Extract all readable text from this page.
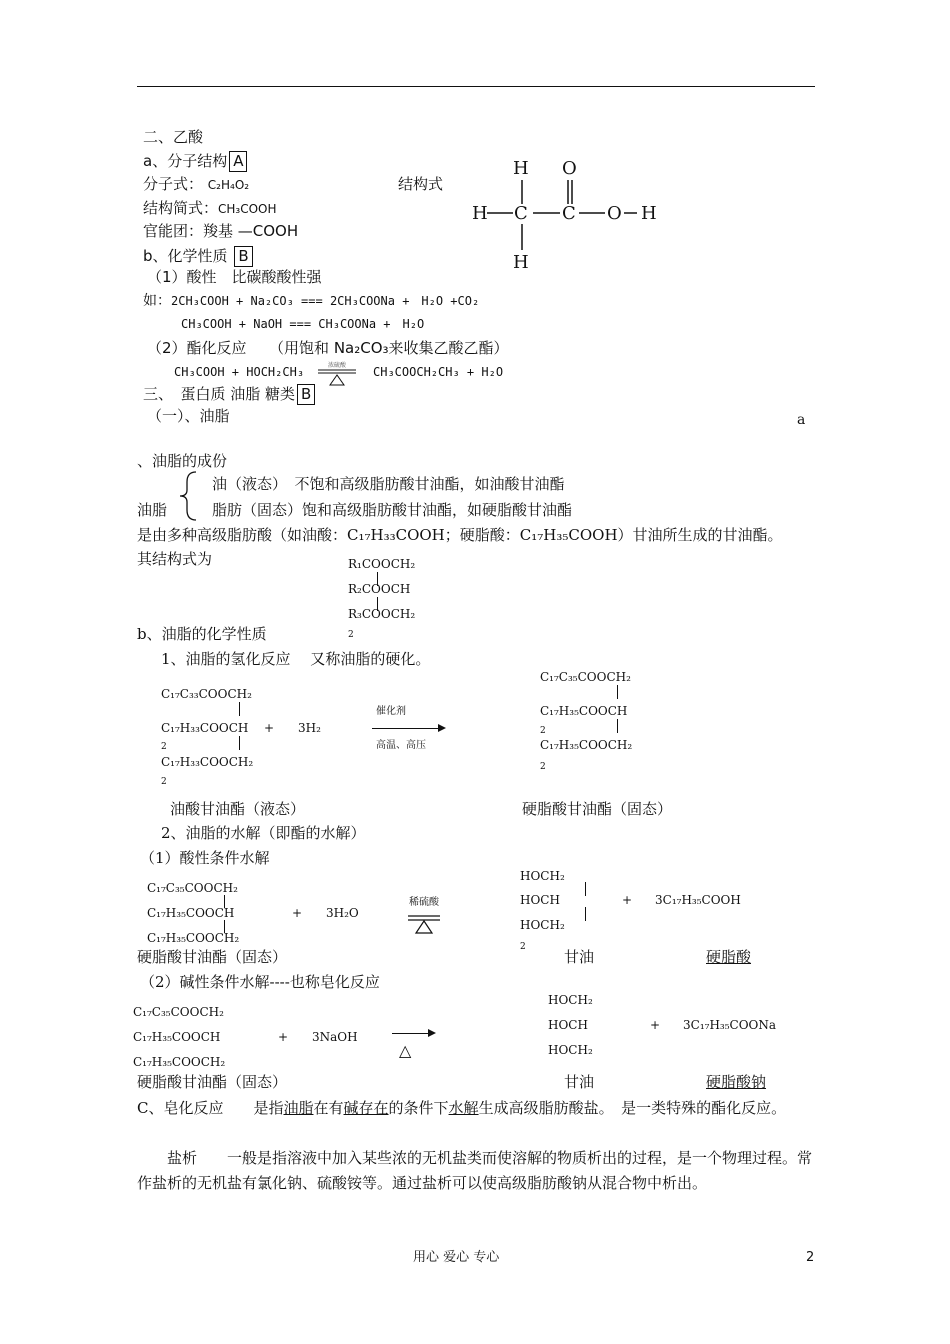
二、乙酸
a、分子结构 A
分子式： C₂H₄O₂	结构式
结构简式：CH₃COOH
官能团：羧基 —COOH
b、化学性质 B
（1）酸性　比碳酸酸性强
如：2CH₃COOH + Na₂CO₃ === 2CH₃COONa +　H₂O +CO₂
CH₃COOH + NaOH === CH₃COONa +　H₂O
（2）酯化反应　　（用饱和 Na₂CO₃来收集乙酸乙酯）
CH₃COOH + HOCH₂CH₃	浓硫酸 CH₃COOCH₂CH₃ + H₂O
H O
H C C O H
H
三、　蛋白质 油脂 糖类 B
（一）、油脂	a
、油脂的成份
油脂
油（液态）　不饱和高级脂肪酸甘油酯，如油酸甘油酯
脂肪（固态）饱和高级脂肪酸甘油酯，如硬脂酸甘油酯
是由多种高级脂肪酸（如油酸：C₁₇H₃₃COOH；硬脂酸：C₁₇H₃₅COOH）甘油所生成的甘油酯。
其结构式为	R₁COOCH₂
R₂COOCH
R₃COOCH₂
2
b、油脂的化学性质
1、油脂的氢化反应　 又称油脂的硬化。
C₁₇C₃₃COOCH₂
C₁₇H₃₃COOCH
2
C₁₇H₃₃COOCH₂
2
+ 3H₂
催化剂
高温、高压
C₁₇C₃₅COOCH₂
C₁₇H₃₅COOCH
2
C₁₇H₃₅COOCH₂
2
油酸甘油酯（液态）	硬脂酸甘油酯（固态）
2、油脂的水解（即酯的水解）
（1）酸性条件水解
C₁₇C₃₅COOCH₂
C₁₇H₃₅COOCH
C₁₇H₃₅COOCH₂
+ 3H₂O
稀硫酸
HOCH₂
HOCH
HOCH₂
2
+ 3C₁₇H₃₅COOH
硬脂酸甘油酯（固态）	甘油	硬脂酸
（2）碱性条件水解----也称皂化反应
C₁₇C₃₅COOCH₂
C₁₇H₃₅COOCH
C₁₇H₃₅COOCH₂
+ 3NaOH
△
HOCH₂
HOCH
HOCH₂
+ 3C₁₇H₃₅COONa
硬脂酸甘油酯（固态）	甘油	硬脂酸钠
C、皂化反应　　是指油脂在有碱存在的条件下水解生成高级脂肪酸盐。　是一类特殊的酯化反应。
　　盐析　　一般是指溶液中加入某些浓的无机盐类而使溶解的物质析出的过程，是一个物理过程。常作盐析的无机盐有氯化钠、硫酸铵等。通过盐析可以使高级脂肪酸钠从混合物中析出。
用心 爱心 专心	2
